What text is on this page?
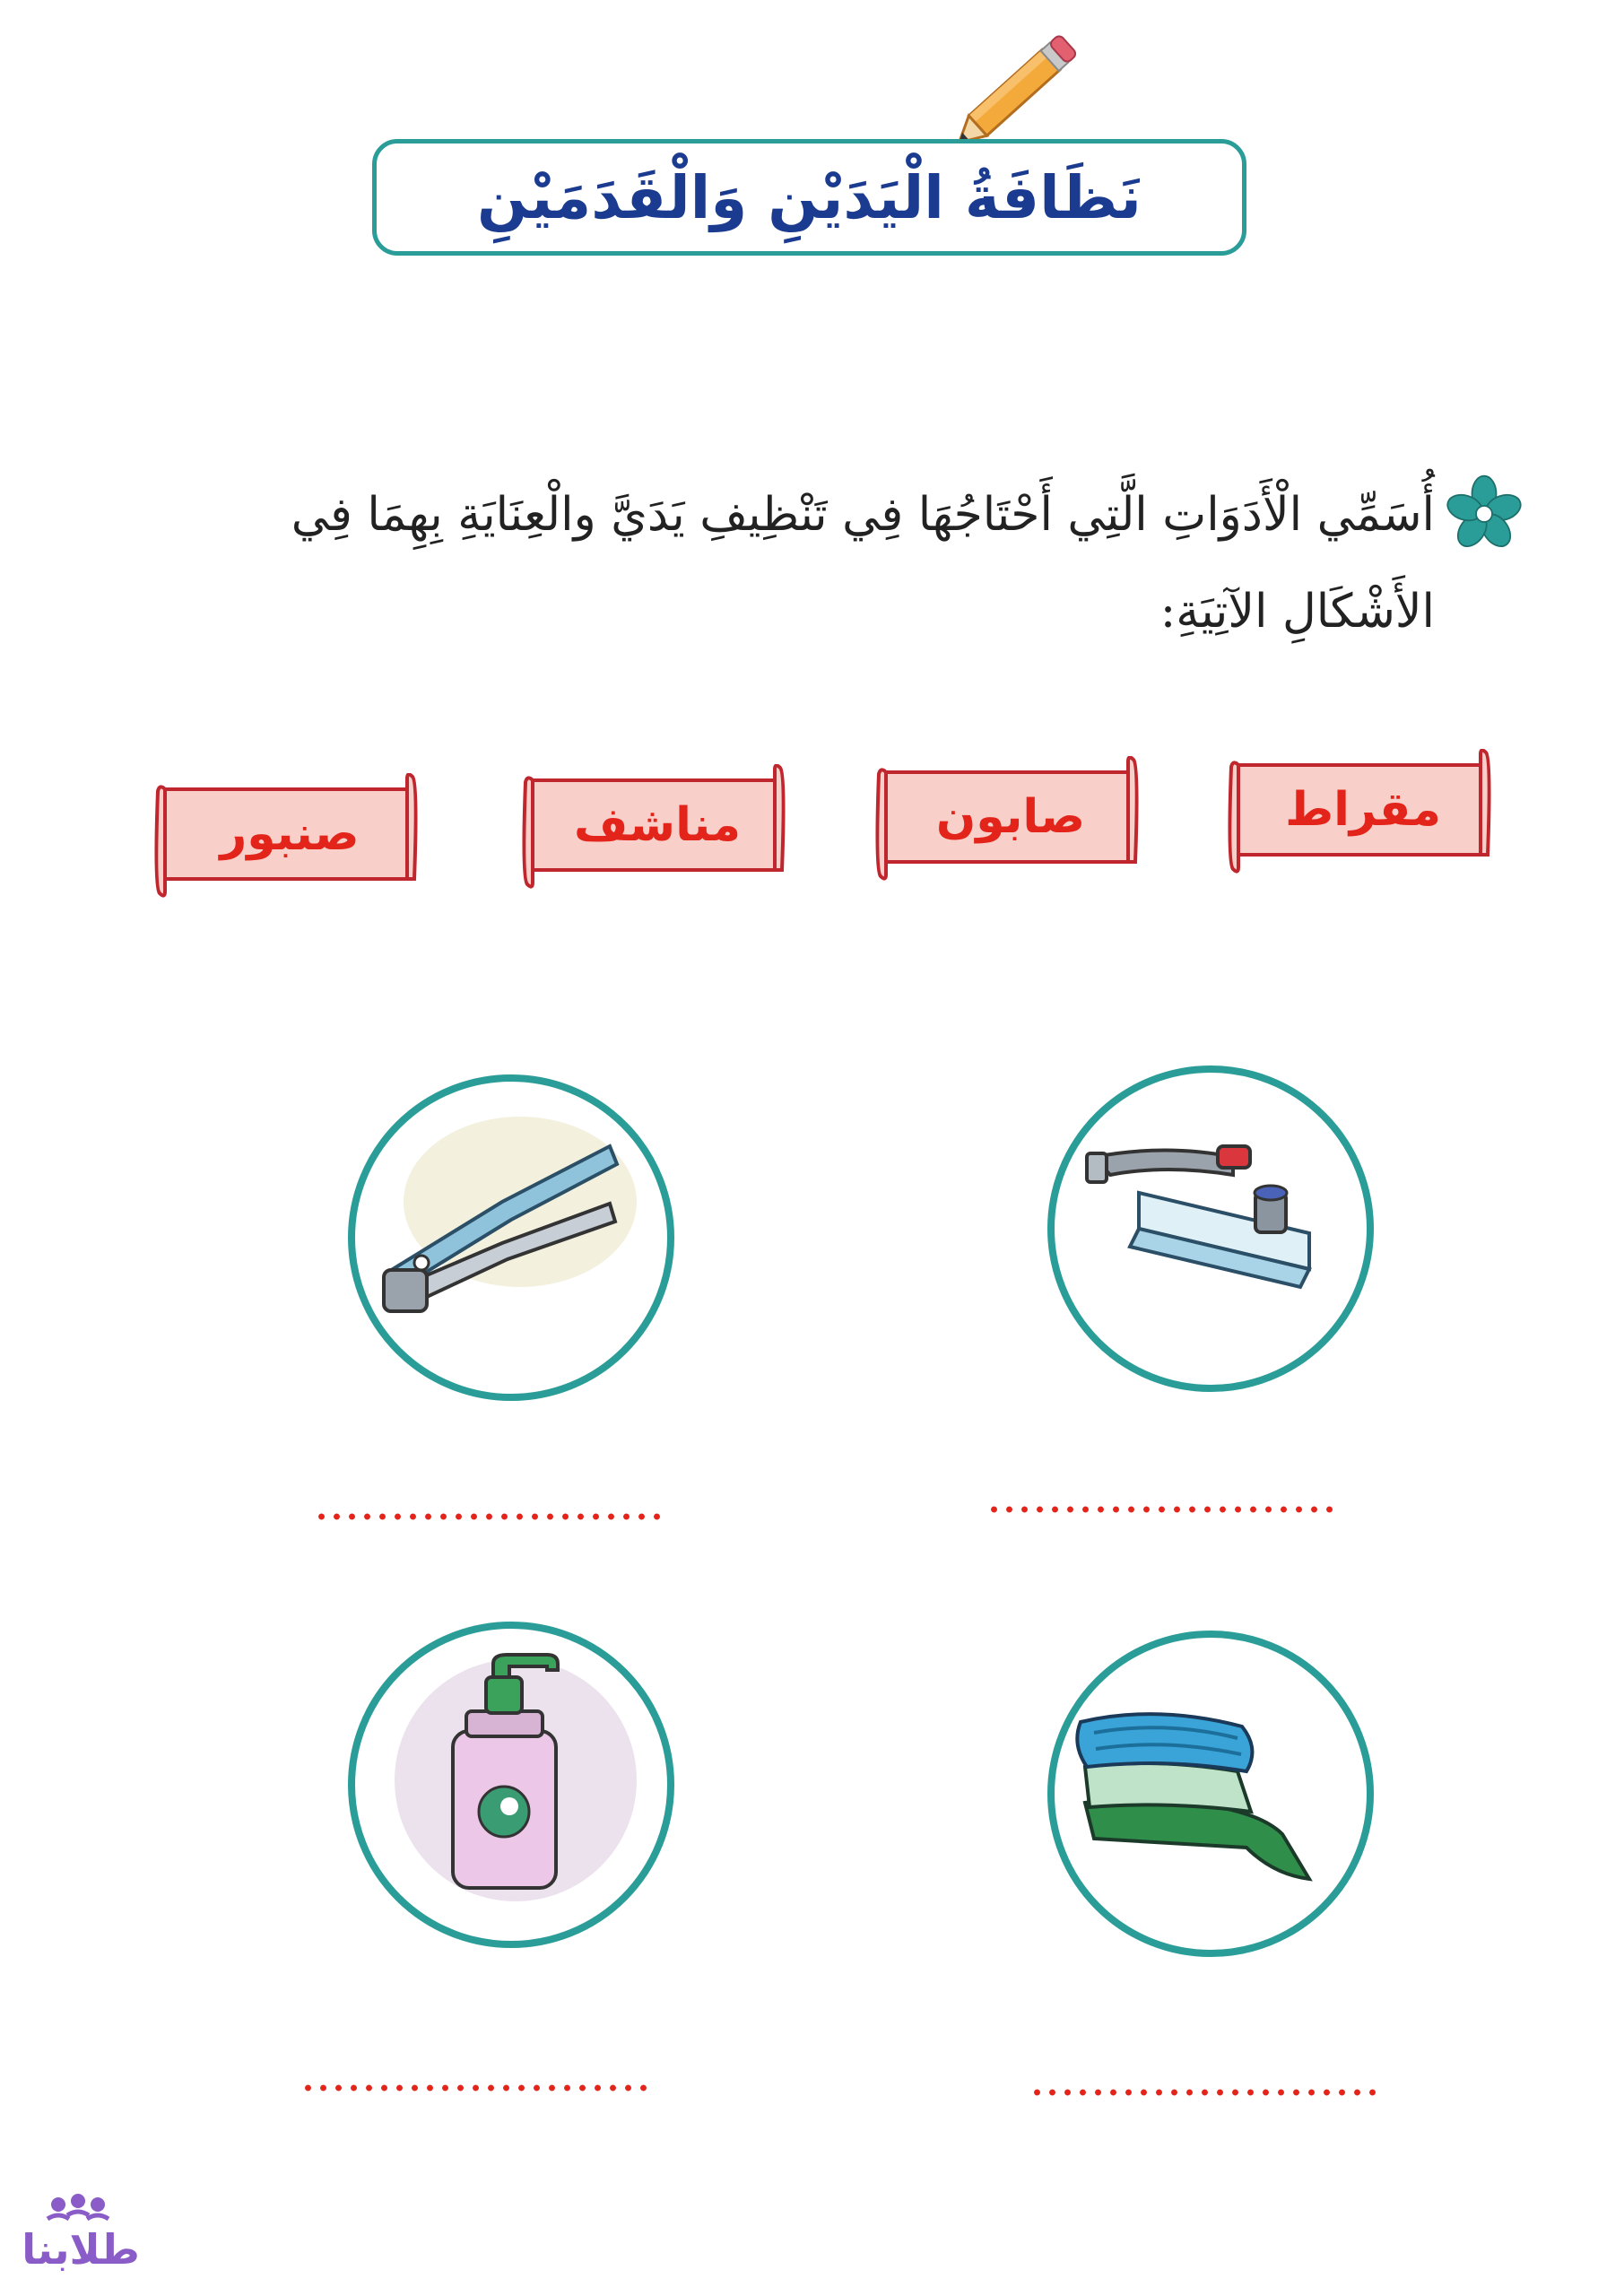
نَظَافَةُ الْيَدَيْنِ وَالْقَدَمَيْنِ
أُسَمِّي الْأَدَوَاتِ الَّتِي أَحْتَاجُهَا فِي تَنْظِيفِ يَدَيَّ والْعِنَايَةِ بِهِمَا فِي الأَشْكَالِ الآتِيَةِ:
مقراط
صابون
مناشف
صنبور
طلابنا
